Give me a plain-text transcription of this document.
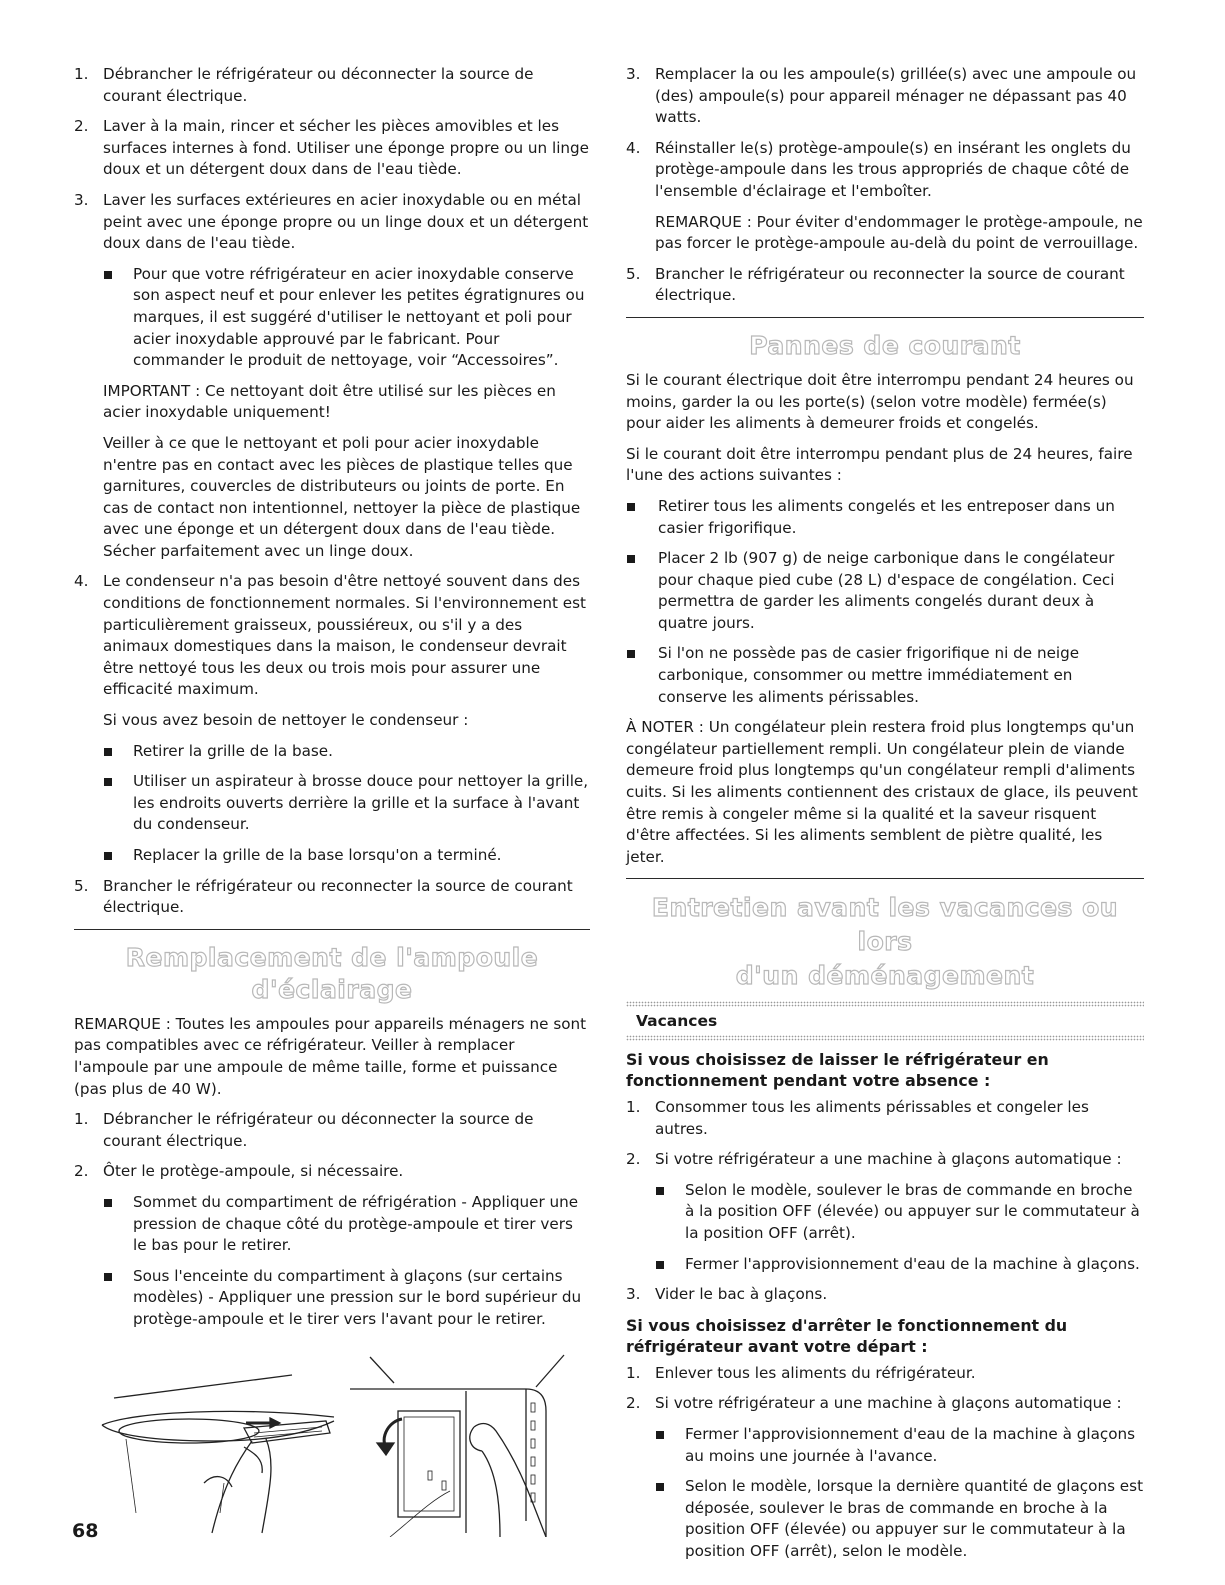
1. Débrancher le réfrigérateur ou déconnecter la source de courant électrique.
2. Laver à la main, rincer et sécher les pièces amovibles et les surfaces internes à fond. Utiliser une éponge propre ou un linge doux et un détergent doux dans de l'eau tiède.
3. Laver les surfaces extérieures en acier inoxydable ou en métal peint avec une éponge propre ou un linge doux et un détergent doux dans de l'eau tiède.
Pour que votre réfrigérateur en acier inoxydable conserve son aspect neuf et pour enlever les petites égratignures ou marques, il est suggéré d'utiliser le nettoyant et poli pour acier inoxydable approuvé par le fabricant. Pour commander le produit de nettoyage, voir “Accessoires”.

IMPORTANT : Ce nettoyant doit être utilisé sur les pièces en acier inoxydable uniquement!

Veiller à ce que le nettoyant et poli pour acier inoxydable n'entre pas en contact avec les pièces de plastique telles que garnitures, couvercles de distributeurs ou joints de porte. En cas de contact non intentionnel, nettoyer la pièce de plastique avec une éponge et un détergent doux dans de l'eau tiède. Sécher parfaitement avec un linge doux.

4. Le condenseur n'a pas besoin d'être nettoyé souvent dans des conditions de fonctionnement normales. Si l'environnement est particulièrement graisseux, poussiéreux, ou s'il y a des animaux domestiques dans la maison, le condenseur devrait être nettoyé tous les deux ou trois mois pour assurer une efficacité maximum.

Si vous avez besoin de nettoyer le condenseur :

Retirer la grille de la base.
Utiliser un aspirateur à brosse douce pour nettoyer la grille, les endroits ouverts derrière la grille et la surface à l'avant du condenseur.
Replacer la grille de la base lorsqu'on a terminé.
5. Brancher le réfrigérateur ou reconnecter la source de courant électrique.
Remplacement de l'ampoule d'éclairage

REMARQUE : Toutes les ampoules pour appareils ménagers ne sont pas compatibles avec ce réfrigérateur. Veiller à remplacer l'ampoule par une ampoule de même taille, forme et puissance (pas plus de 40 W).

1. Débrancher le réfrigérateur ou déconnecter la source de courant électrique.
2. Ôter le protège-ampoule, si nécessaire.
Sommet du compartiment de réfrigération - Appliquer une pression de chaque côté du protège-ampoule et tirer vers le bas pour le retirer.
Sous l'enceinte du compartiment à glaçons (sur certains modèles) - Appliquer une pression sur le bord supérieur du protège-ampoule et le tirer vers l'avant pour le retirer.
3. Remplacer la ou les ampoule(s) grillée(s) avec une ampoule ou (des) ampoule(s) pour appareil ménager ne dépassant pas 40 watts.
4. Réinstaller le(s) protège-ampoule(s) en insérant les onglets du protège-ampoule dans les trous appropriés de chaque côté de l'ensemble d'éclairage et l'emboîter.

REMARQUE : Pour éviter d'endommager le protège-ampoule, ne pas forcer le protège-ampoule au-delà du point de verrouillage.

5. Brancher le réfrigérateur ou reconnecter la source de courant électrique.
Pannes de courant

Si le courant électrique doit être interrompu pendant 24 heures ou moins, garder la ou les porte(s) (selon votre modèle) fermée(s) pour aider les aliments à demeurer froids et congelés.

Si le courant doit être interrompu pendant plus de 24 heures, faire l'une des actions suivantes :

Retirer tous les aliments congelés et les entreposer dans un casier frigorifique.
Placer 2 lb (907 g) de neige carbonique dans le congélateur pour chaque pied cube (28 L) d'espace de congélation. Ceci permettra de garder les aliments congelés durant deux à quatre jours.
Si l'on ne possède pas de casier frigorifique ni de neige carbonique, consommer ou mettre immédiatement en conserve les aliments périssables.

À NOTER : Un congélateur plein restera froid plus longtemps qu'un congélateur partiellement rempli. Un congélateur plein de viande demeure froid plus longtemps qu'un congélateur rempli d'aliments cuits. Si les aliments contiennent des cristaux de glace, ils peuvent être remis à congeler même si la qualité et la saveur risquent d'être affectées. Si les aliments semblent de piètre qualité, les jeter.

Entretien avant les vacances ou lors
d'un déménagement
Vacances
Si vous choisissez de laisser le réfrigérateur en fonctionnement pendant votre absence :
1. Consommer tous les aliments périssables et congeler les autres.
2. Si votre réfrigérateur a une machine à glaçons automatique :
Selon le modèle, soulever le bras de commande en broche à la position OFF (élevée) ou appuyer sur le commutateur à la position OFF (arrêt).
Fermer l'approvisionnement d'eau de la machine à glaçons.
3. Vider le bac à glaçons.
Si vous choisissez d'arrêter le fonctionnement du réfrigérateur avant votre départ :
1. Enlever tous les aliments du réfrigérateur.
2. Si votre réfrigérateur a une machine à glaçons automatique :
Fermer l'approvisionnement d'eau de la machine à glaçons au moins une journée à l'avance.
Selon le modèle, lorsque la dernière quantité de glaçons est déposée, soulever le bras de commande en broche à la position OFF (élevée) ou appuyer sur le commutateur à la position OFF (arrêt), selon le modèle.
68
